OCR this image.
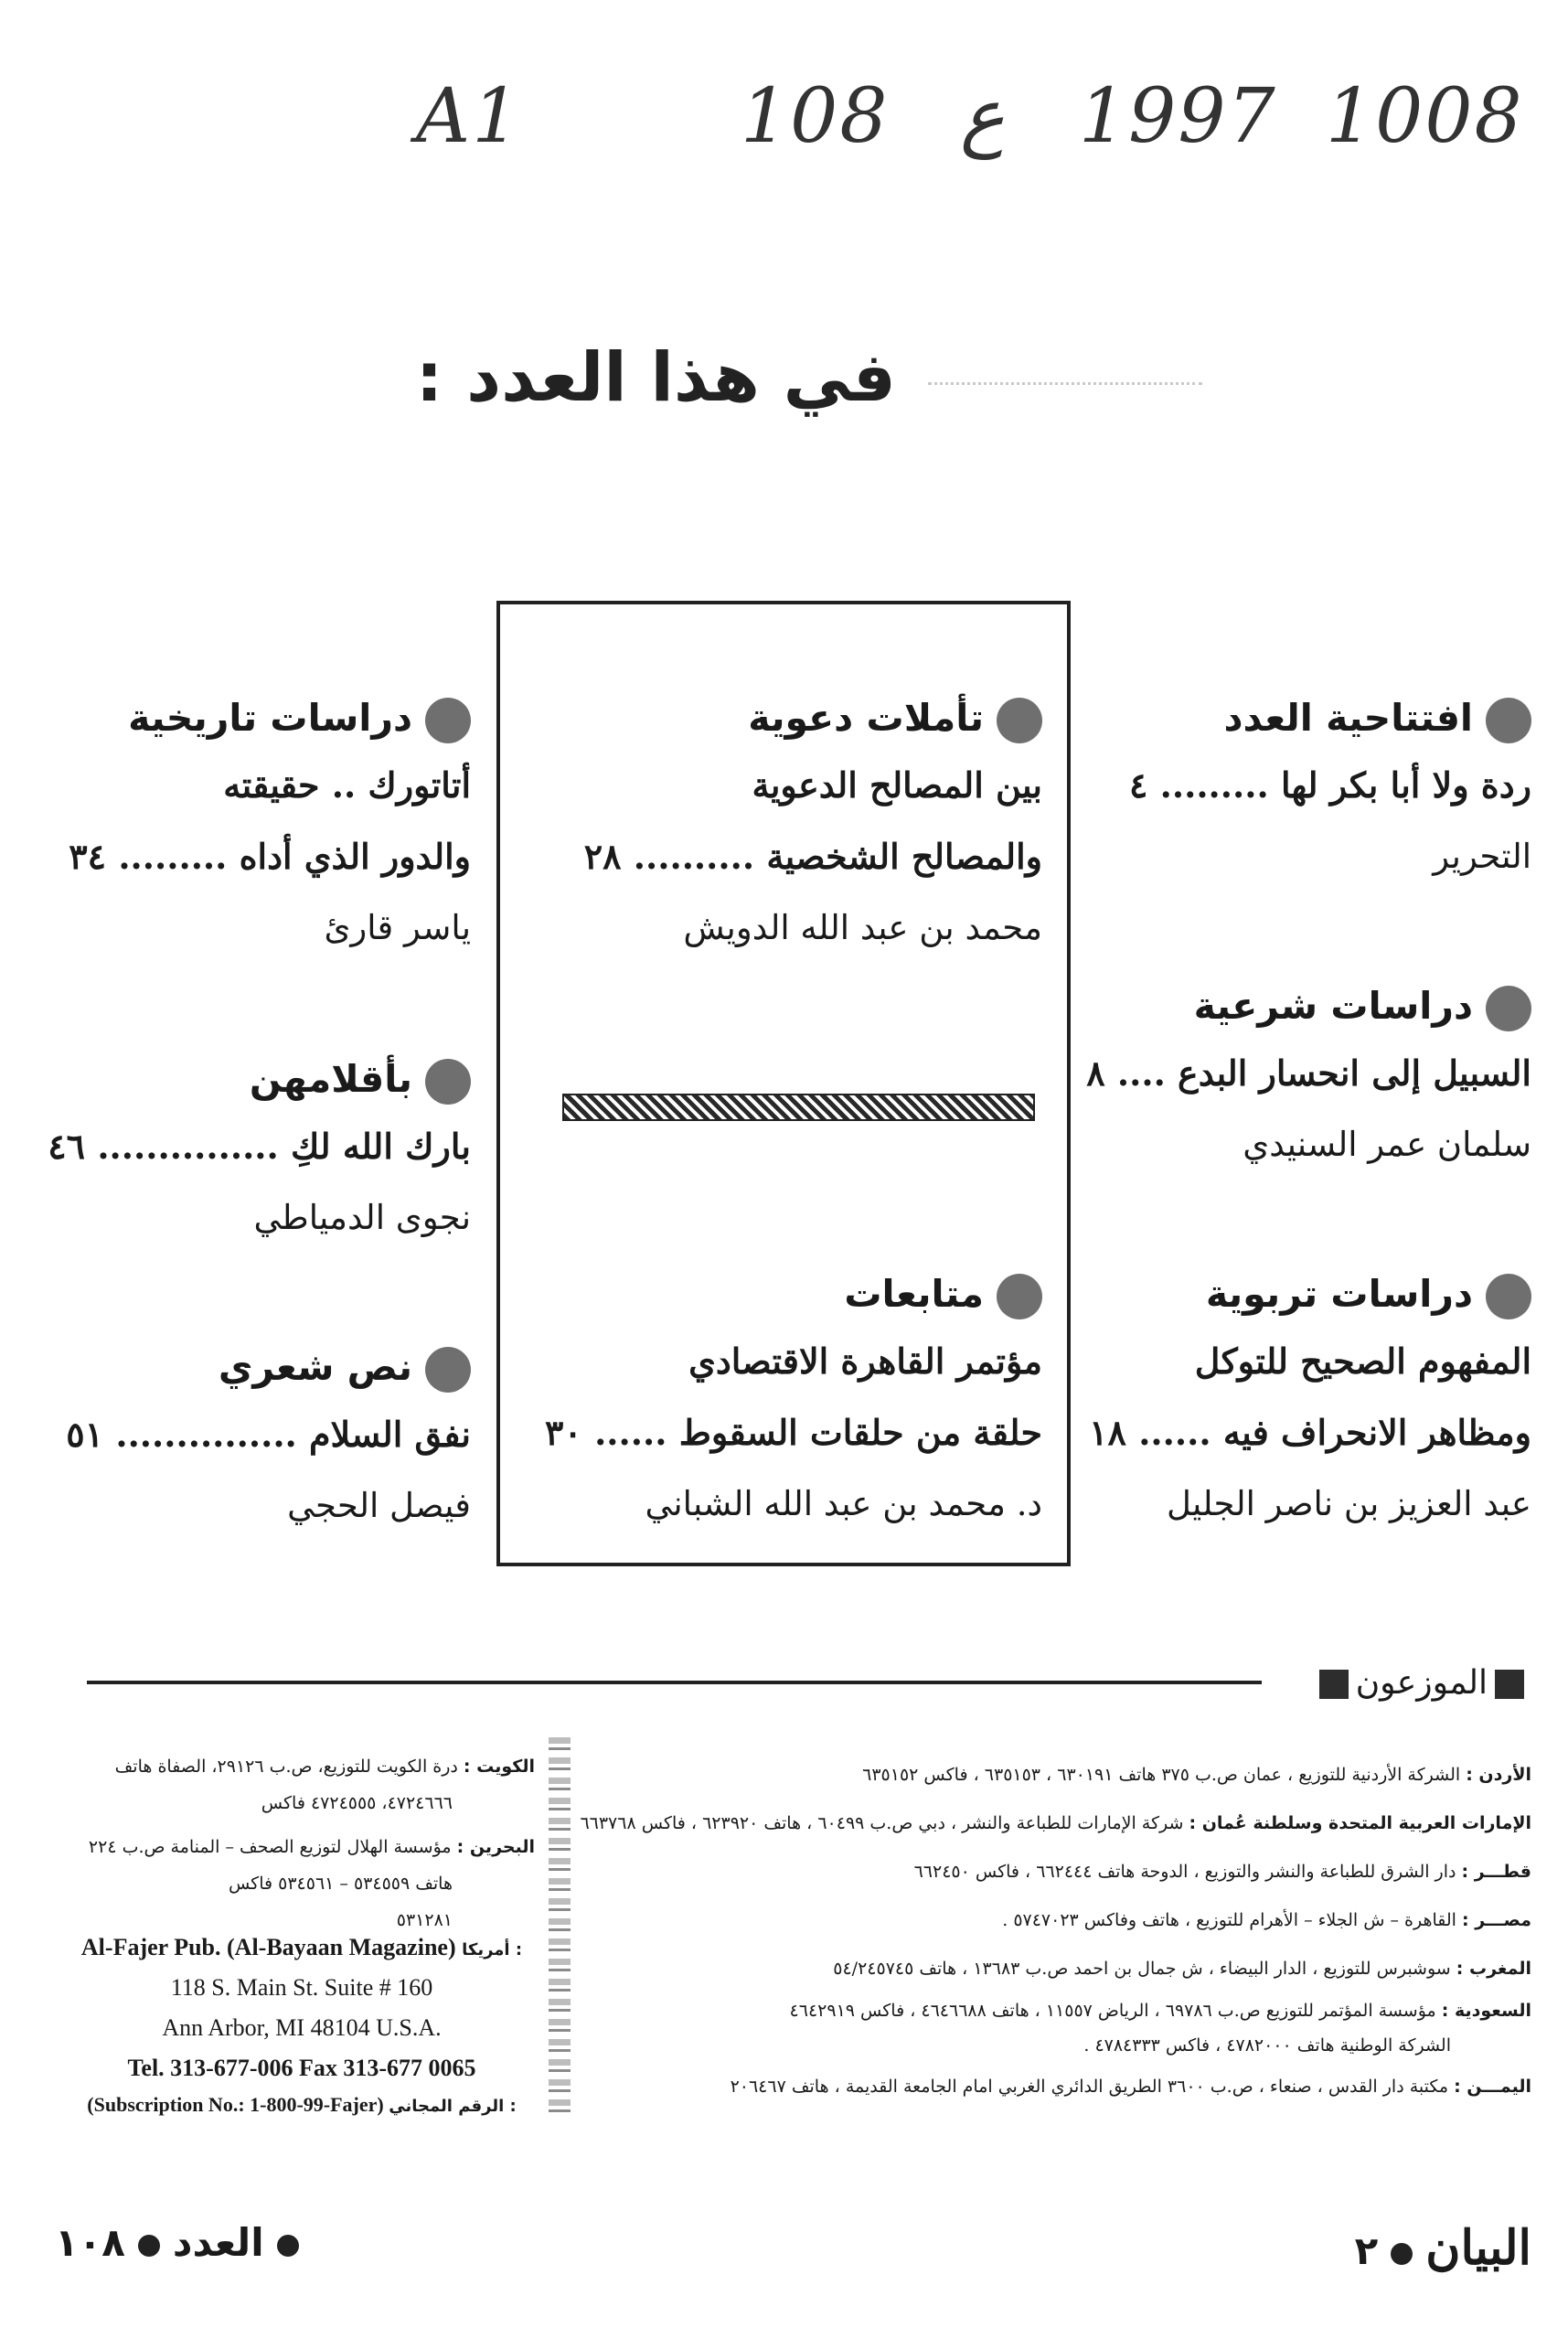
A1	108 ع 1997 1008
في هذا العدد :
افتتاحية العدد
ردة ولا أبا بكر لها ......... ٤
التحرير
دراسات شرعية
السبيل إلى انحسار البدع .... ٨
سلمان عمر السنيدي
دراسات تربوية
المفهوم الصحيح للتوكل
ومظاهر الانحراف فيه ...... ١٨
عبد العزيز بن ناصر الجليل
تأملات دعوية
بين المصالح الدعوية
والمصالح الشخصية .......... ٢٨
محمد بن عبد الله الدويش
متابعات
مؤتمر القاهرة الاقتصادي
حلقة من حلقات السقوط ...... ٣٠
د. محمد بن عبد الله الشباني
دراسات تاريخية
أتاتورك .. حقيقته
والدور الذي أداه ......... ٣٤
ياسر قارئ
بأقلامهن
بارك الله لكِ ............... ٤٦
نجوى الدمياطي
نص شعري
نفق السلام ............... ٥١
فيصل الحجي
الموزعون
الأردن : الشركة الأردنية للتوزيع ، عمان ص.ب ٣٧٥ هاتف ٦٣٠١٩١ ، ٦٣٥١٥٣ ، فاكس ٦٣٥١٥٢
الإمارات العربية المتحدة وسلطنة عُمان : شركة الإمارات للطباعة والنشر ، دبي ص.ب ٦٠٤٩٩ ، هاتف ٦٢٣٩٢٠ ، فاكس ٦٦٣٧٦٨
قطـــر : دار الشرق للطباعة والنشر والتوزيع ، الدوحة هاتف ٦٦٢٤٤٤ ، فاكس ٦٦٢٤٥٠
مصـــر : القاهرة – ش الجلاء – الأهرام للتوزيع ، هاتف وفاكس ٥٧٤٧٠٢٣ .
المغرب : سوشبرس للتوزيع ، الدار البيضاء ، ش جمال بن احمد ص.ب ١٣٦٨٣ ، هاتف ٥٤/٢٤٥٧٤٥
السعودية : مؤسسة المؤتمر للتوزيع ص.ب ٦٩٧٨٦ ، الرياض ١١٥٥٧ ، هاتف ٤٦٤٦٦٨٨ ، فاكس ٤٦٤٢٩١٩
الشركة الوطنية هاتف ٤٧٨٢٠٠٠ ، فاكس ٤٧٨٤٣٣٣ .
اليمـــن : مكتبة دار القدس ، صنعاء ، ص.ب ٣٦٠٠ الطريق الدائري الغربي امام الجامعة القديمة ، هاتف ٢٠٦٤٦٧
الكويت : درة الكويت للتوزيع، ص.ب ٢٩١٢٦، الصفاة هاتف
٤٧٢٤٦٦٦، ٤٧٢٤٥٥٥ فاكس
البحرين : مؤسسة الهلال لتوزيع الصحف – المنامة ص.ب ٢٢٤
هاتف ٥٣٤٥٥٩ – ٥٣٤٥٦١ فاكس
٥٣١٢٨١
Al-Fajer Pub. (Al-Bayaan Magazine) أمريكا :
118 S. Main St. Suite # 160
Ann Arbor, MI 48104 U.S.A.
Tel. 313-677-006 Fax 313-677 0065
(Subscription No.: 1-800-99-Fajer) الرقم المجاني :
العدد١٠٨	البيان٢
